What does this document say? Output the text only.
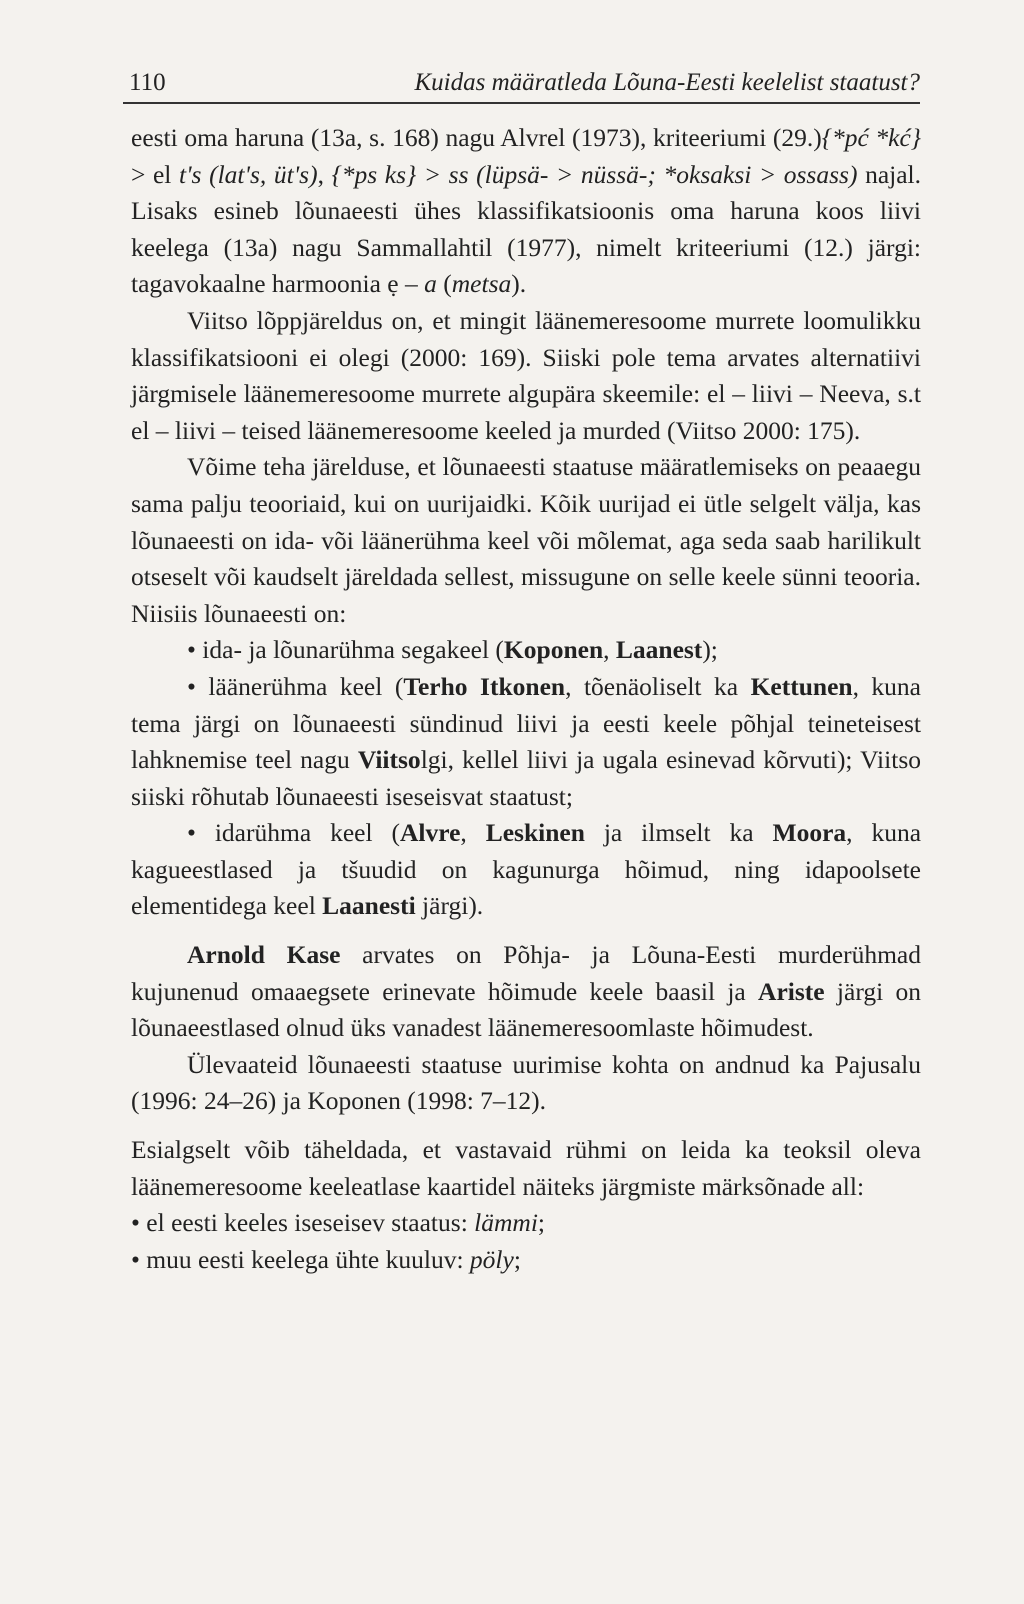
110	Kuidas määratleda Lõuna-Eesti keelelist staatust?

eesti oma haruna (13a, s. 168) nagu Alvrel (1973), kriteeriumi (29.){*pć *kć} > el t's (lat's, üt's), {*ps ks} > ss (lüpsä- > nüssä-; *oksaksi > ossass) najal. Lisaks esineb lõunaeesti ühes klassifikatsioonis oma haruna koos liivi keelega (13a) nagu Sammallahtil (1977), nimelt kriteeriumi (12.) järgi: tagavokaalne harmoonia ẹ – a (metsa).

Viitso lõppjäreldus on, et mingit läänemeresoome murrete loomulikku klassifikatsiooni ei olegi (2000: 169). Siiski pole tema arvates alternatiivi järgmisele läänemeresoome murrete algupära skeemile: el – liivi – Neeva, s.t el – liivi – teised läänemeresoome keeled ja murded (Viitso 2000: 175).

Võime teha järelduse, et lõunaeesti staatuse määratlemiseks on peaaegu sama palju teooriaid, kui on uurijaidki. Kõik uurijad ei ütle selgelt välja, kas lõunaeesti on ida- või läänerühma keel või mõlemat, aga seda saab harilikult otseselt või kaudselt järeldada sellest, missugune on selle keele sünni teooria. Niisiis lõunaeesti on:

• ida- ja lõunarühma segakeel (Koponen, Laanest);

• läänerühma keel (Terho Itkonen, tõenäoliselt ka Kettunen, kuna tema järgi on lõunaeesti sündinud liivi ja eesti keele põhjal teineteisest lahknemise teel nagu Viitsolgi, kellel liivi ja ugala esinevad kõrvuti); Viitso siiski rõhutab lõunaeesti iseseisvat staatust;

• idarühma keel (Alvre, Leskinen ja ilmselt ka Moora, kuna kagueestlased ja tšuudid on kagunurga hõimud, ning idapoolsete elementidega keel Laanesti järgi).

Arnold Kase arvates on Põhja- ja Lõuna-Eesti murderühmad kujunenud omaaegsete erinevate hõimude keele baasil ja Ariste järgi on lõunaeestlased olnud üks vanadest läänemeresoomlaste hõimudest.

Ülevaateid lõunaeesti staatuse uurimise kohta on andnud ka Pajusalu (1996: 24–26) ja Koponen (1998: 7–12).

Esialgselt võib täheldada, et vastavaid rühmi on leida ka teoksil oleva läänemeresoome keeleatlase kaartidel näiteks järgmiste märksõnade all:

• el eesti keeles iseseisev staatus: lämmi;

• muu eesti keelega ühte kuuluv: pöly;
